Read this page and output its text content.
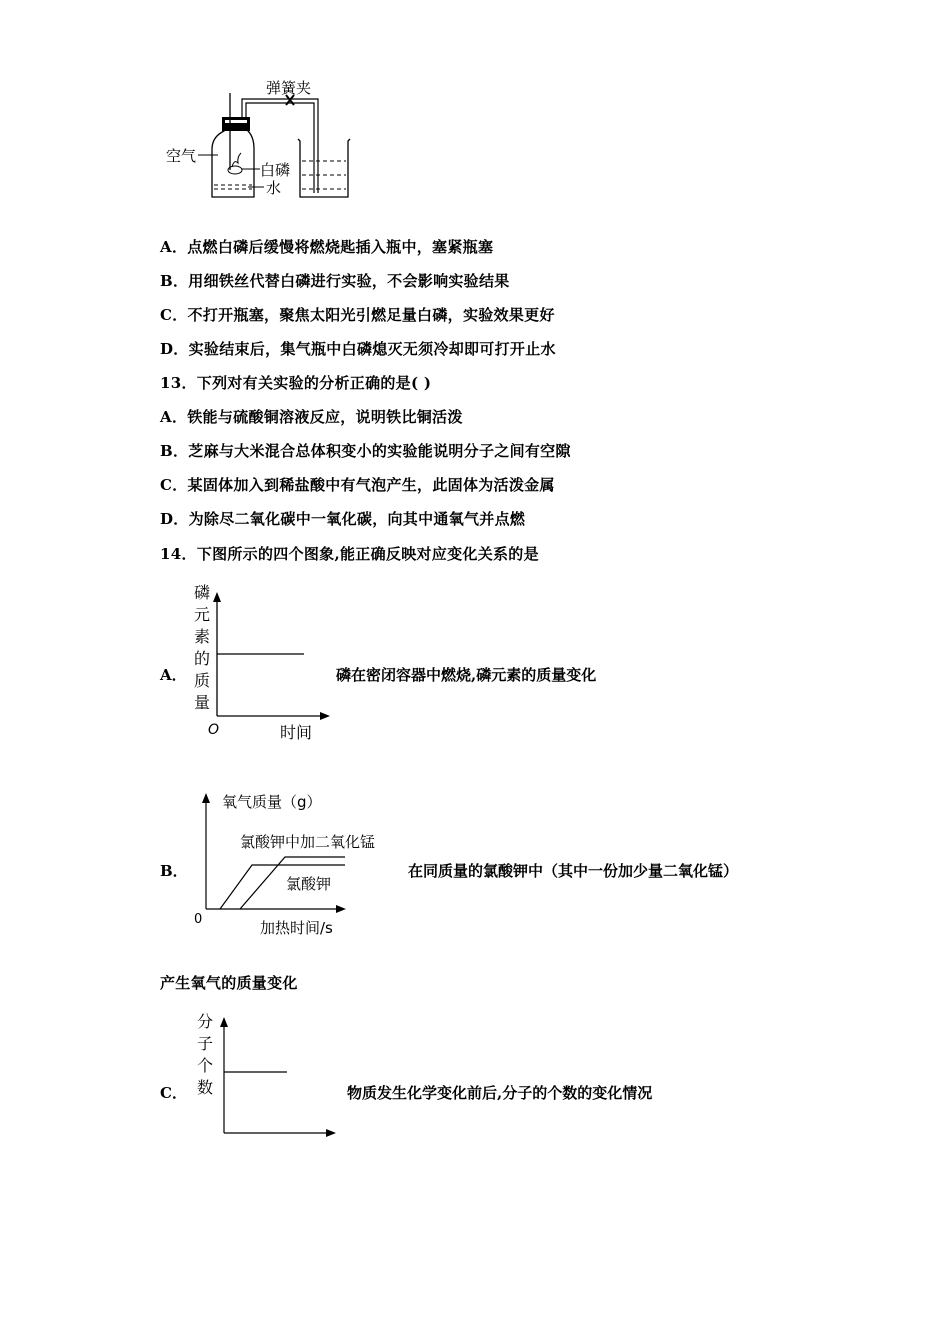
弹簧夹
空气
白磷
水
A．点燃白磷后缓慢将燃烧匙插入瓶中，塞紧瓶塞
B．用细铁丝代替白磷进行实验，不会影响实验结果
C．不打开瓶塞，聚焦太阳光引燃足量白磷，实验效果更好
D．实验结束后，集气瓶中白磷熄灭无须冷却即可打开止水
13．下列对有关实验的分析正确的是( )
A．铁能与硫酸铜溶液反应，说明铁比铜活泼
B．芝麻与大米混合总体积变小的实验能说明分子之间有空隙
C．某固体加入到稀盐酸中有气泡产生，此固体为活泼金属
D．为除尽二氧化碳中一氧化碳，向其中通氧气并点燃
14．下图所示的四个图象,能正确反映对应变化关系的是
A．
磷
元
素
的
质
量
O	时间
磷在密闭容器中燃烧,磷元素的质量变化
B．
氧气质量（g）
氯酸钾中加二氧化锰
氯酸钾
0	加热时间/s
在同质量的氯酸钾中（其中一份加少量二氧化锰）
产生氧气的质量变化
C．
分
子
个
数	物质发生化学变化前后,分子的个数的变化情况
